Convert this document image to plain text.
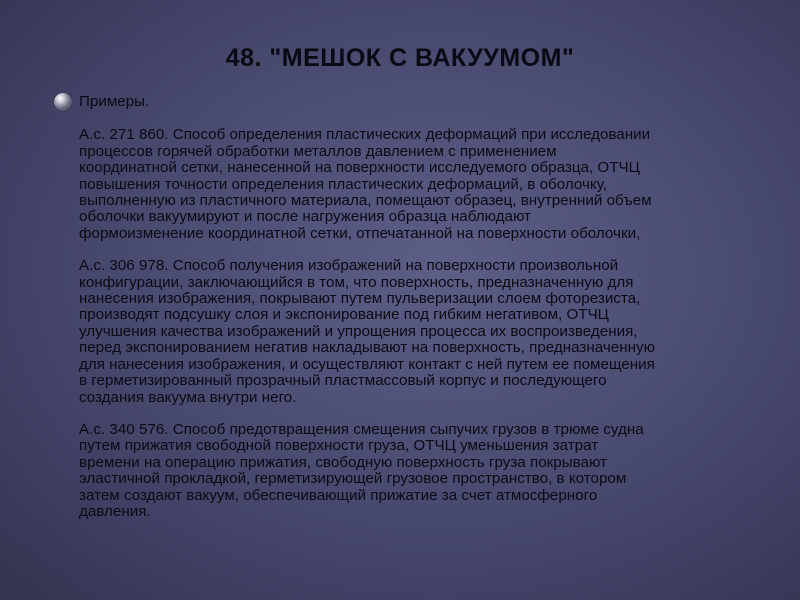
48. "МЕШОК С ВАКУУМОМ"

Примеры.

А.с. 271 860. Способ определения пластических деформаций при исследовании

процессов горячей обработки металлов давлением с применением

координатной сетки, нанесенной на поверхности исследуемого образца, ОТЧЦ

повышения точности определения пластических деформаций, в оболочку,

выполненную из пластичного материала, помещают образец, внутренний объем

оболочки вакуумируют и после нагружения образца наблюдают

формоизменение координатной сетки, отпечатанной на поверхности оболочки,

А.с. 306 978. Способ получения изображений на поверхности произвольной

конфигурации, заключающийся в том, что поверхность, предназначенную для

нанесения изображения, покрывают путем пульверизации слоем фоторезиста,

производят подсушку слоя и экспонирование под гибким негативом, ОТЧЦ

улучшения качества изображений и упрощения процесса их воспроизведения,

перед экспонированием негатив накладывают на поверхность, предназначенную

для нанесения изображения, и осуществляют контакт с ней путем ее помещения

в герметизированный прозрачный пластмассовый корпус и последующего

создания вакуума внутри него.

А.с. 340 576. Способ предотвращения смещения сыпучих грузов в трюме судна

путем прижатия свободной поверхности груза, ОТЧЦ уменьшения затрат

времени на операцию прижатия, свободную поверхность груза покрывают

эластичной прокладкой, герметизирующей грузовое пространство, в котором

затем создают вакуум, обеспечивающий прижатие за счет атмосферного

давления.
